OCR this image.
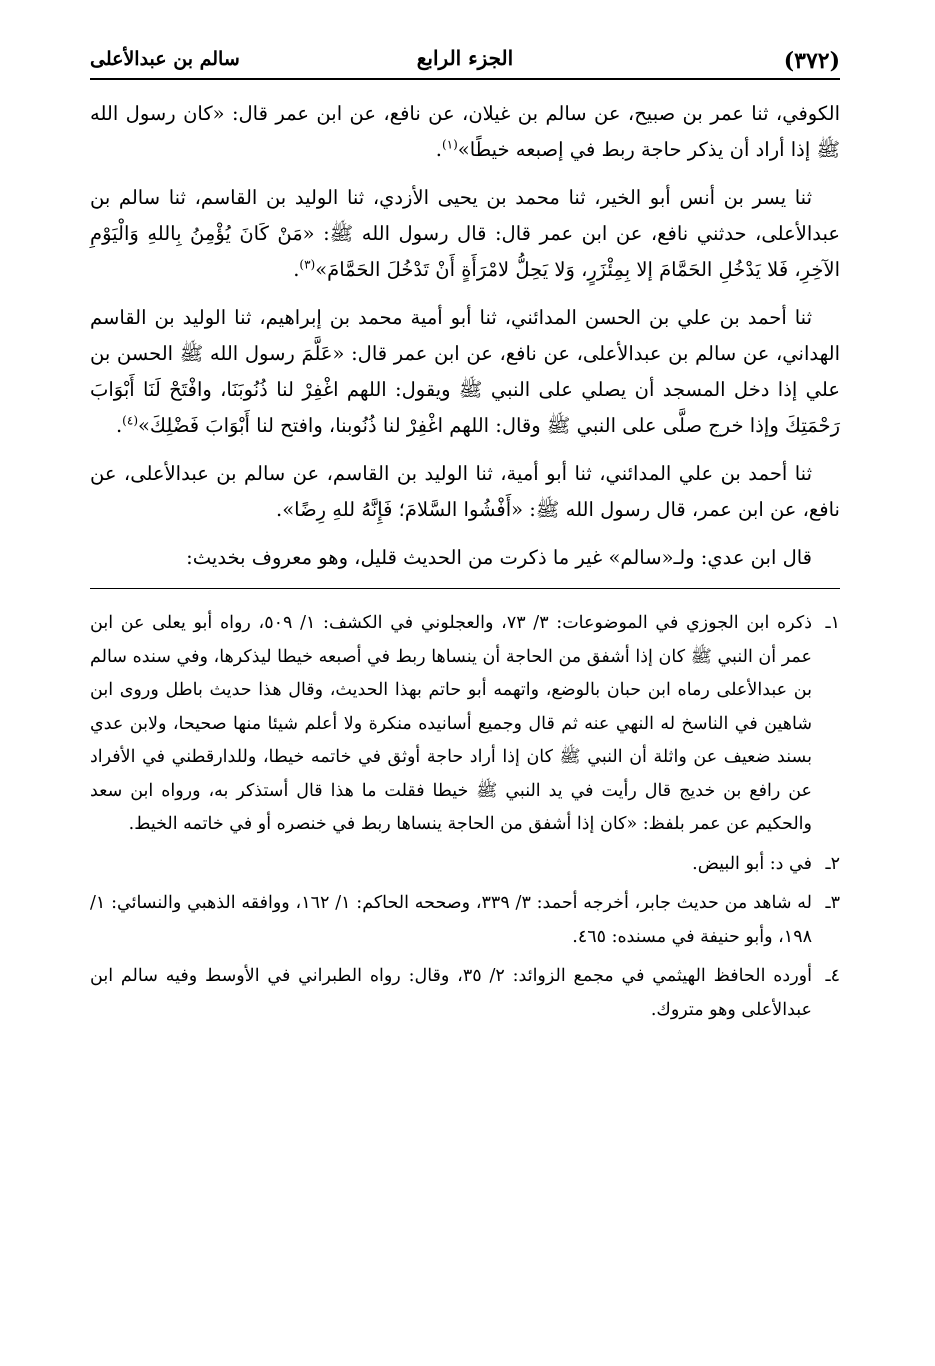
(٣٧٢)
الجزء الرابع
سالم بن عبدالأعلى

الكوفي، ثنا عمر بن صبيح، عن سالم بن غيلان، عن نافع، عن ابن عمر قال: «كان رسول الله ﷺ إذا أراد أن يذكر حاجة ربط في إصبعه خيطًا»$^{(١)}$.

ثنا يسر بن أنس أبو الخير، ثنا محمد بن يحيى الأزدي، ثنا الوليد بن القاسم، ثنا سالم بن عبدالأعلى، حدثني نافع، عن ابن عمر قال: قال رسول الله ﷺ: «مَنْ كَانَ يُؤْمِنُ بِاللهِ وَالْيَوْمِ الآخِرِ، فَلا يَدْخُلِ الحَمَّامَ إلا بِمِئْزَرٍ، وَلا يَحِلُّ لامْرَأَةٍ أَنْ تَدْخُلَ الحَمَّامَ»$^{(٣)}$.

ثنا أحمد بن علي بن الحسن المدائني، ثنا أبو أمية محمد بن إبراهيم، ثنا الوليد بن القاسم الهداني، عن سالم بن عبدالأعلى، عن نافع، عن ابن عمر قال: «عَلَّمَ رسول الله ﷺ الحسن بن علي إذا دخل المسجد أن يصلي على النبي ﷺ ويقول: اللهم اغْفِرْ لنا ذُنُوبَنَا، وافْتَحْ لَنَا أَبْوَابَ رَحْمَتِكَ وإذا خرج صلَّى على النبي ﷺ وقال: اللهم اغْفِرْ لنا ذُنُوبنا، وافتح لنا أَبْوَابَ فَضْلِكَ»$^{(٤)}$.

ثنا أحمد بن علي المدائني، ثنا أبو أمية، ثنا الوليد بن القاسم، عن سالم بن عبدالأعلى، عن نافع، عن ابن عمر، قال رسول الله ﷺ: «أَفْشُوا السَّلامَ؛ فَإِنَّهُ للهِ رِضًا».

قال ابن عدي: ولـ«سالم» غير ما ذكرت من الحديث قليل، وهو معروف بخديث:

١ـذكره ابن الجوزي في الموضوعات: ٣/ ٧٣، والعجلوني في الكشف: ١/ ٥٠٩، رواه أبو يعلى عن ابن عمر أن النبي ﷺ كان إذا أشفق من الحاجة أن ينساها ربط في أصبعه خيطا ليذكرها، وفي سنده سالم بن عبدالأعلى رماه ابن حبان بالوضع، واتهمه أبو حاتم بهذا الحديث، وقال هذا حديث باطل وروى ابن شاهين في الناسخ له النهي عنه ثم قال وجميع أسانيده منكرة ولا أعلم شيئا منها صحيحا، ولابن عدي بسند ضعيف عن واثلة أن النبي ﷺ كان إذا أراد حاجة أوثق في خاتمه خيطا، وللدارقطني في الأفراد عن رافع بن خديج قال رأيت في يد النبي ﷺ خيطا فقلت ما هذا قال أستذكر به، ورواه ابن سعد والحكيم عن عمر بلفظ: «كان إذا أشفق من الحاجة ينساها ربط في خنصره أو في خاتمه الخيط.
٢ـفي د: أبو البيض.
٣ـله شاهد من حديث جابر، أخرجه أحمد: ٣/ ٣٣٩، وصححه الحاكم: ١/ ١٦٢، ووافقه الذهبي والنسائي: ١/ ١٩٨، وأبو حنيفة في مسنده: ٤٦٥.
٤ـأورده الحافظ الهيثمي في مجمع الزوائد: ٢/ ٣٥، وقال: رواه الطبراني في الأوسط وفيه سالم ابن عبدالأعلى وهو متروك.
